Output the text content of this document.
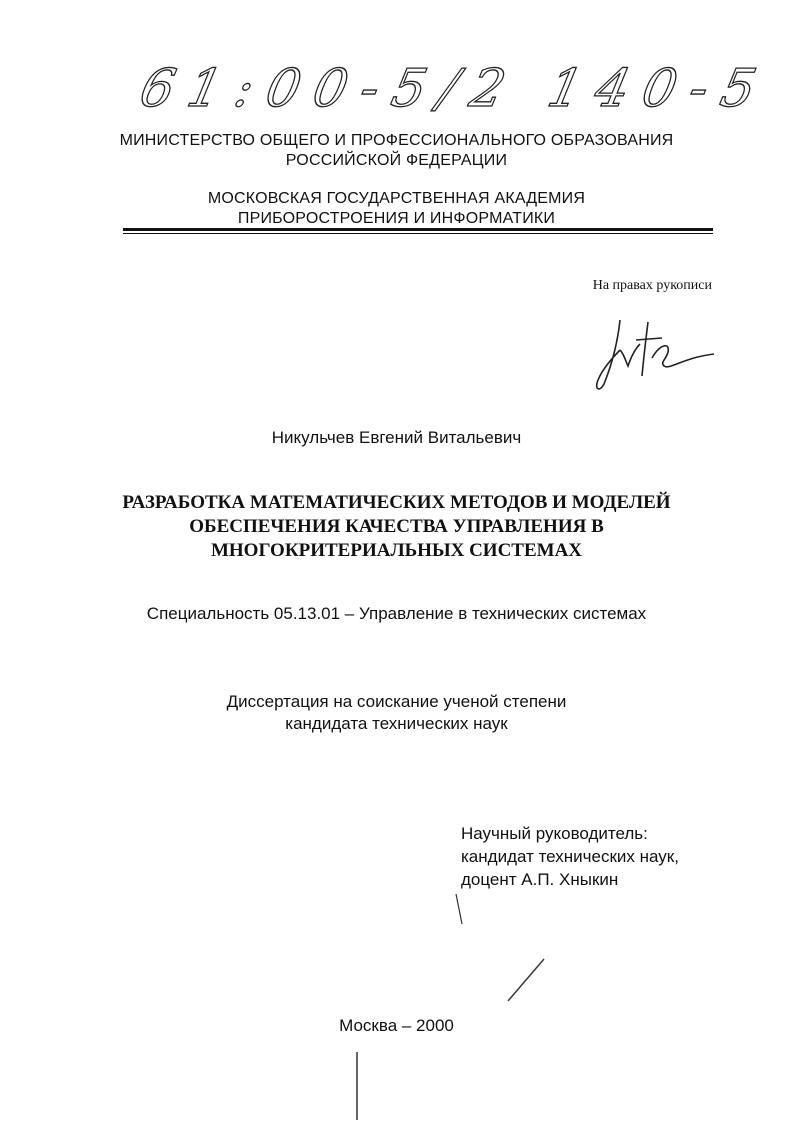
61:00-5/2 140-5
МИНИСТЕРСТВО ОБЩЕГО И ПРОФЕССИОНАЛЬНОГО ОБРАЗОВАНИЯ
РОССИЙСКОЙ ФЕДЕРАЦИИ
МОСКОВСКАЯ ГОСУДАРСТВЕННАЯ АКАДЕМИЯ
ПРИБОРОСТРОЕНИЯ И ИНФОРМАТИКИ
На правах рукописи
Никульчев Евгений Витальевич
РАЗРАБОТКА МАТЕМАТИЧЕСКИХ МЕТОДОВ И МОДЕЛЕЙ
ОБЕСПЕЧЕНИЯ КАЧЕСТВА УПРАВЛЕНИЯ В
МНОГОКРИТЕРИАЛЬНЫХ СИСТЕМАХ
Специальность 05.13.01 – Управление в технических системах
Диссертация на соискание ученой степени
кандидата технических наук
Научный руководитель:
кандидат технических наук,
доцент А.П. Хныкин
Москва – 2000
